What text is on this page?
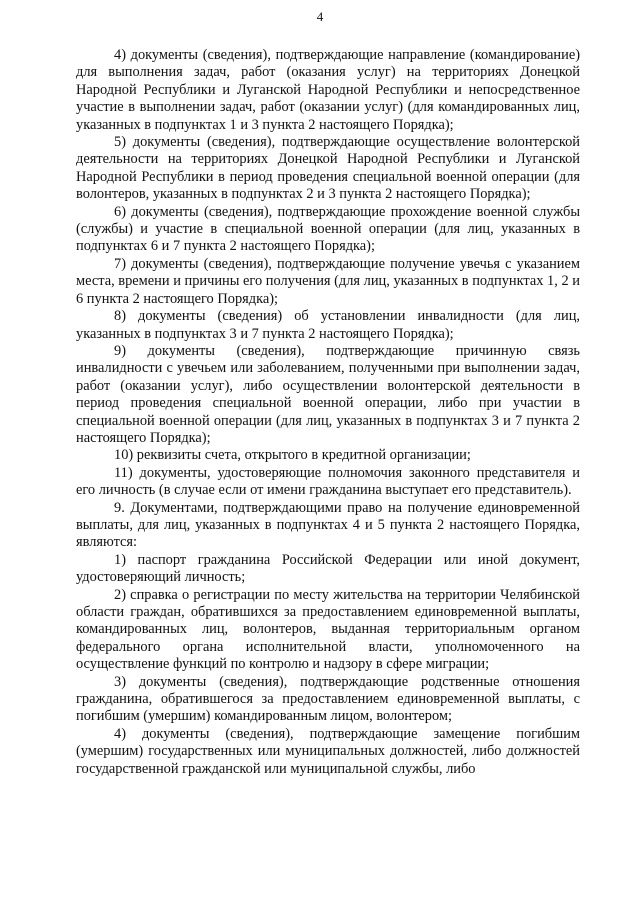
4

4) документы (сведения), подтверждающие направление (командирование) для выполнения задач, работ (оказания услуг) на территориях Донецкой Народной Республики и Луганской Народной Республики и непосредственное участие в выполнении задач, работ (оказании услуг) (для командированных лиц, указанных в подпунктах 1 и 3 пункта 2 настоящего Порядка);

5) документы (сведения), подтверждающие осуществление волонтерской деятельности на территориях Донецкой Народной Республики и Луганской Народной Республики в период проведения специальной военной операции (для волонтеров, указанных в подпунктах 2 и 3 пункта 2 настоящего Порядка);

6) документы (сведения), подтверждающие прохождение военной службы (службы) и участие в специальной военной операции (для лиц, указанных в подпунктах 6 и 7 пункта 2 настоящего Порядка);

7) документы (сведения), подтверждающие получение увечья с указанием места, времени и причины его получения (для лиц, указанных в подпунктах 1, 2 и 6 пункта 2 настоящего Порядка);

8) документы (сведения) об установлении инвалидности (для лиц, указанных в подпунктах 3 и 7 пункта 2 настоящего Порядка);

9) документы (сведения), подтверждающие причинную связь инвалидности с увечьем или заболеванием, полученными при выполнении задач, работ (оказании услуг), либо осуществлении волонтерской деятельности в период проведения специальной военной операции, либо при участии в специальной военной операции (для лиц, указанных в подпунктах 3 и 7 пункта 2 настоящего Порядка);

10) реквизиты счета, открытого в кредитной организации;

11) документы, удостоверяющие полномочия законного представителя и его личность (в случае если от имени гражданина выступает его представитель).

9. Документами, подтверждающими право на получение единовременной выплаты, для лиц, указанных в подпунктах 4 и 5 пункта 2 настоящего Порядка, являются:

1) паспорт гражданина Российской Федерации или иной документ, удостоверяющий личность;

2) справка о регистрации по месту жительства на территории Челябинской области граждан, обратившихся за предоставлением единовременной выплаты, командированных лиц, волонтеров, выданная территориальным органом федерального органа исполнительной власти, уполномоченного на осуществление функций по контролю и надзору в сфере миграции;

3) документы (сведения), подтверждающие родственные отношения гражданина, обратившегося за предоставлением единовременной выплаты, с погибшим (умершим) командированным лицом, волонтером;

4) документы (сведения), подтверждающие замещение погибшим (умершим) государственных или муниципальных должностей, либо должностей государственной гражданской или муниципальной службы, либо
